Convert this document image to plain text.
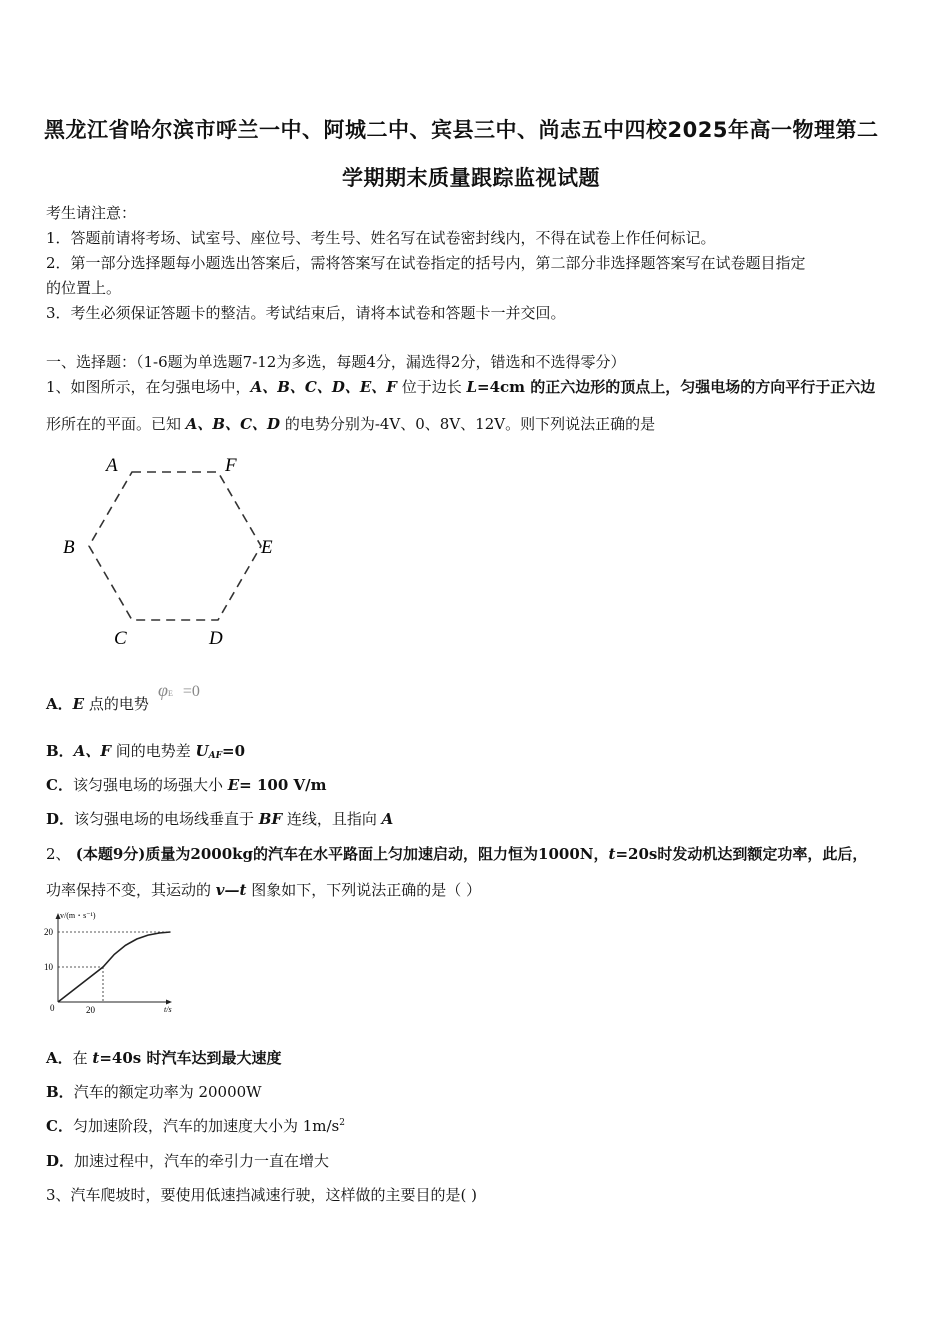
黑龙江省哈尔滨市呼兰一中、阿城二中、宾县三中、尚志五中四校2025年高一物理第二
学期期末质量跟踪监视试题
考生请注意：
1．答题前请将考场、试室号、座位号、考生号、姓名写在试卷密封线内，不得在试卷上作任何标记。
2．第一部分选择题每小题选出答案后，需将答案写在试卷指定的括号内，第二部分非选择题答案写在试卷题目指定
的位置上。
3．考生必须保证答题卡的整洁。考试结束后，请将本试卷和答题卡一并交回。
一、选择题：（1-6题为单选题7-12为多选，每题4分，漏选得2分，错选和不选得零分）
1、如图所示，在匀强电场中，A、B、C、D、E、F 位于边长 L=4cm 的正六边形的顶点上，匀强电场的方向平行于正六边
形所在的平面。已知 A、B、C、D 的电势分别为-4V、0、8V、12V。则下列说法正确的是
A	F
B	E
C	D
A．E 点的电势
φE =0
B．A、F 间的电势差 $U_{AF}=0$
C．该匀强电场的场强大小 E= 100 V/m
D．该匀强电场的电场线垂直于 BF 连线，且指向 A
2、 (本题9分)质量为2000kg的汽车在水平路面上匀加速启动，阻力恒为1000N，t=20s时发动机达到额定功率，此后，
功率保持不变，其运动的 v—t 图象如下，下列说法正确的是（ ）
v/(m・s⁻¹)
t/s
0
20
10
20
A．在 t=40s 时汽车达到最大速度
B．汽车的额定功率为 20000W
C．匀加速阶段，汽车的加速度大小为 $1m/s^2$
D．加速过程中，汽车的牵引力一直在增大
3、汽车爬坡时，要使用低速挡减速行驶，这样做的主要目的是( )
